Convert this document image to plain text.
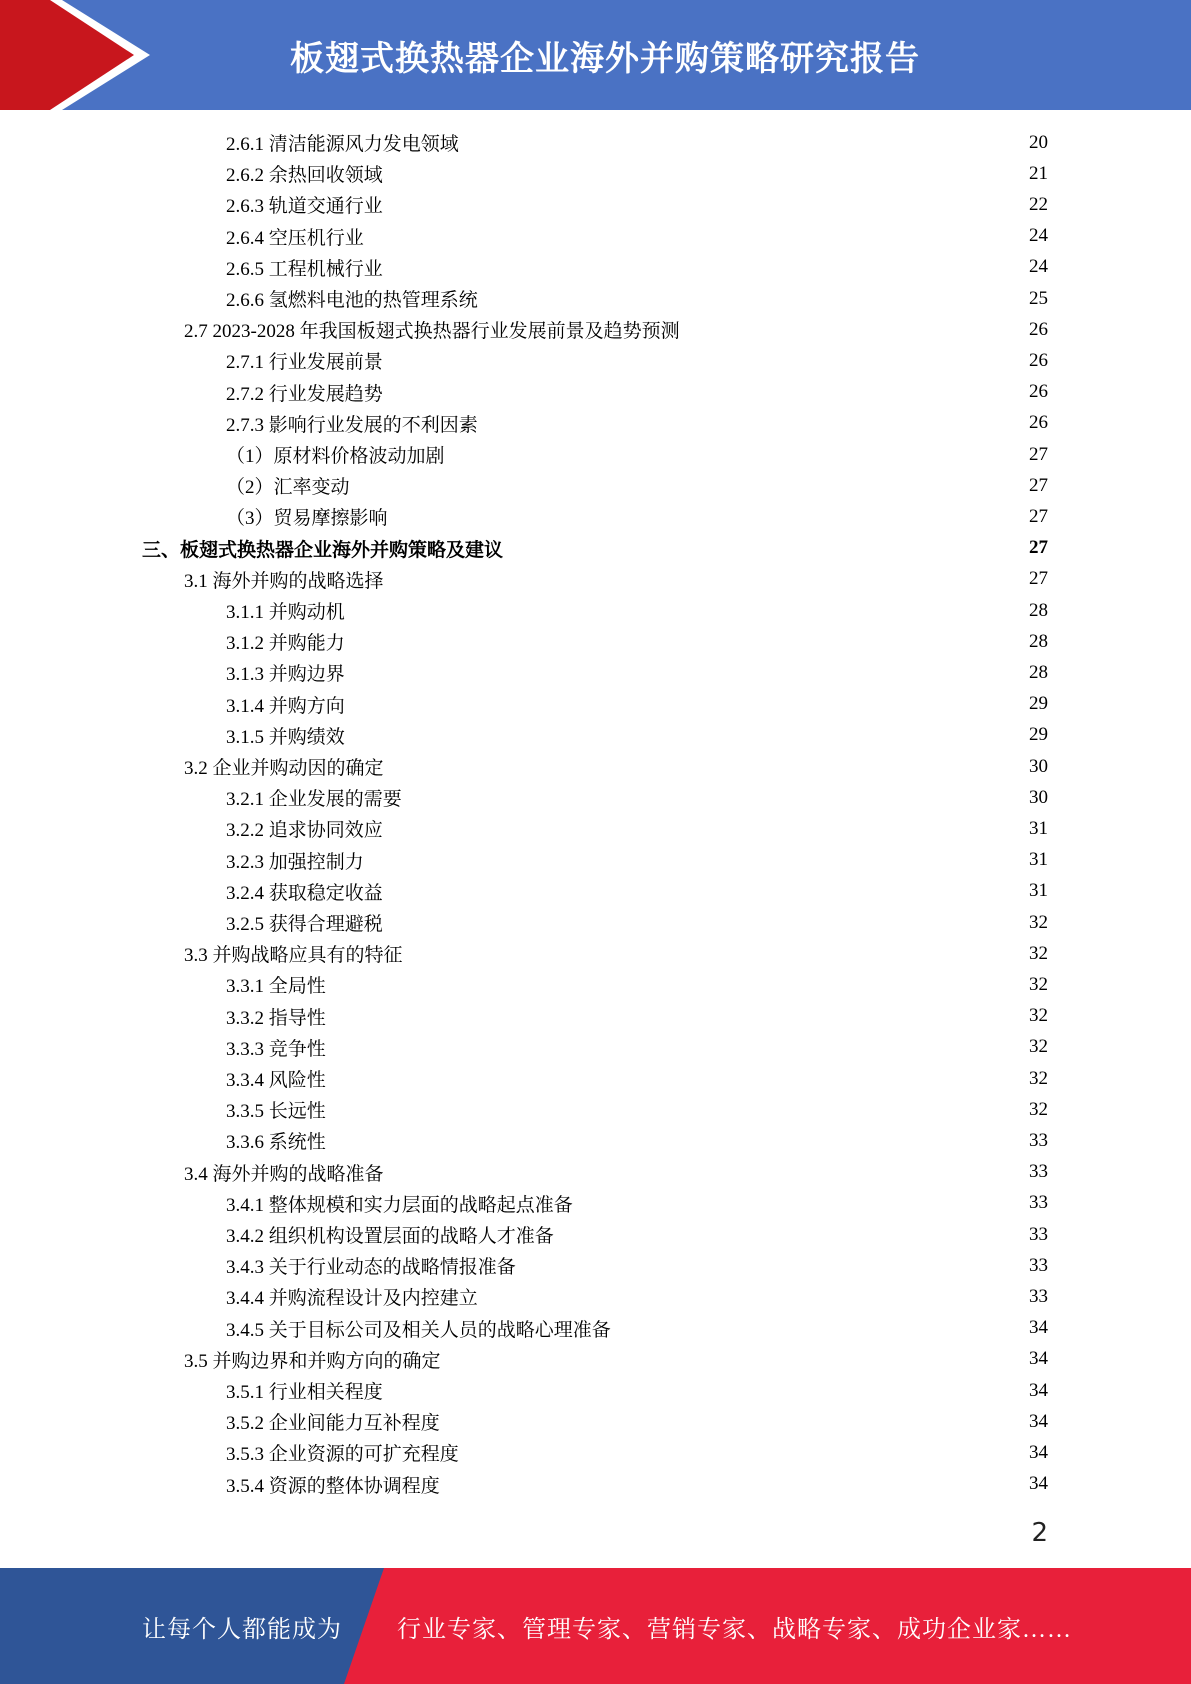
板翅式换热器企业海外并购策略研究报告
2.6.1 清洁能源风力发电领域	20
2.6.2 余热回收领域	21
2.6.3 轨道交通行业	22
2.6.4 空压机行业	24
2.6.5 工程机械行业	24
2.6.6 氢燃料电池的热管理系统	25
2.7 2023-2028 年我国板翅式换热器行业发展前景及趋势预测	26
2.7.1 行业发展前景	26
2.7.2 行业发展趋势	26
2.7.3 影响行业发展的不利因素	26
（1）原材料价格波动加剧	27
（2）汇率变动	27
（3）贸易摩擦影响	27
三、板翅式换热器企业海外并购策略及建议	27
3.1 海外并购的战略选择	27
3.1.1 并购动机	28
3.1.2 并购能力	28
3.1.3 并购边界	28
3.1.4 并购方向	29
3.1.5 并购绩效	29
3.2 企业并购动因的确定	30
3.2.1 企业发展的需要	30
3.2.2 追求协同效应	31
3.2.3 加强控制力	31
3.2.4 获取稳定收益	31
3.2.5 获得合理避税	32
3.3 并购战略应具有的特征	32
3.3.1 全局性	32
3.3.2 指导性	32
3.3.3 竞争性	32
3.3.4 风险性	32
3.3.5 长远性	32
3.3.6 系统性	33
3.4 海外并购的战略准备	33
3.4.1 整体规模和实力层面的战略起点准备	33
3.4.2 组织机构设置层面的战略人才准备	33
3.4.3 关于行业动态的战略情报准备	33
3.4.4 并购流程设计及内控建立	33
3.4.5 关于目标公司及相关人员的战略心理准备	34
3.5 并购边界和并购方向的确定	34
3.5.1 行业相关程度	34
3.5.2 企业间能力互补程度	34
3.5.3 企业资源的可扩充程度	34
3.5.4 资源的整体协调程度	34
2
让每个人都能成为 行业专家、管理专家、营销专家、战略专家、成功企业家……
